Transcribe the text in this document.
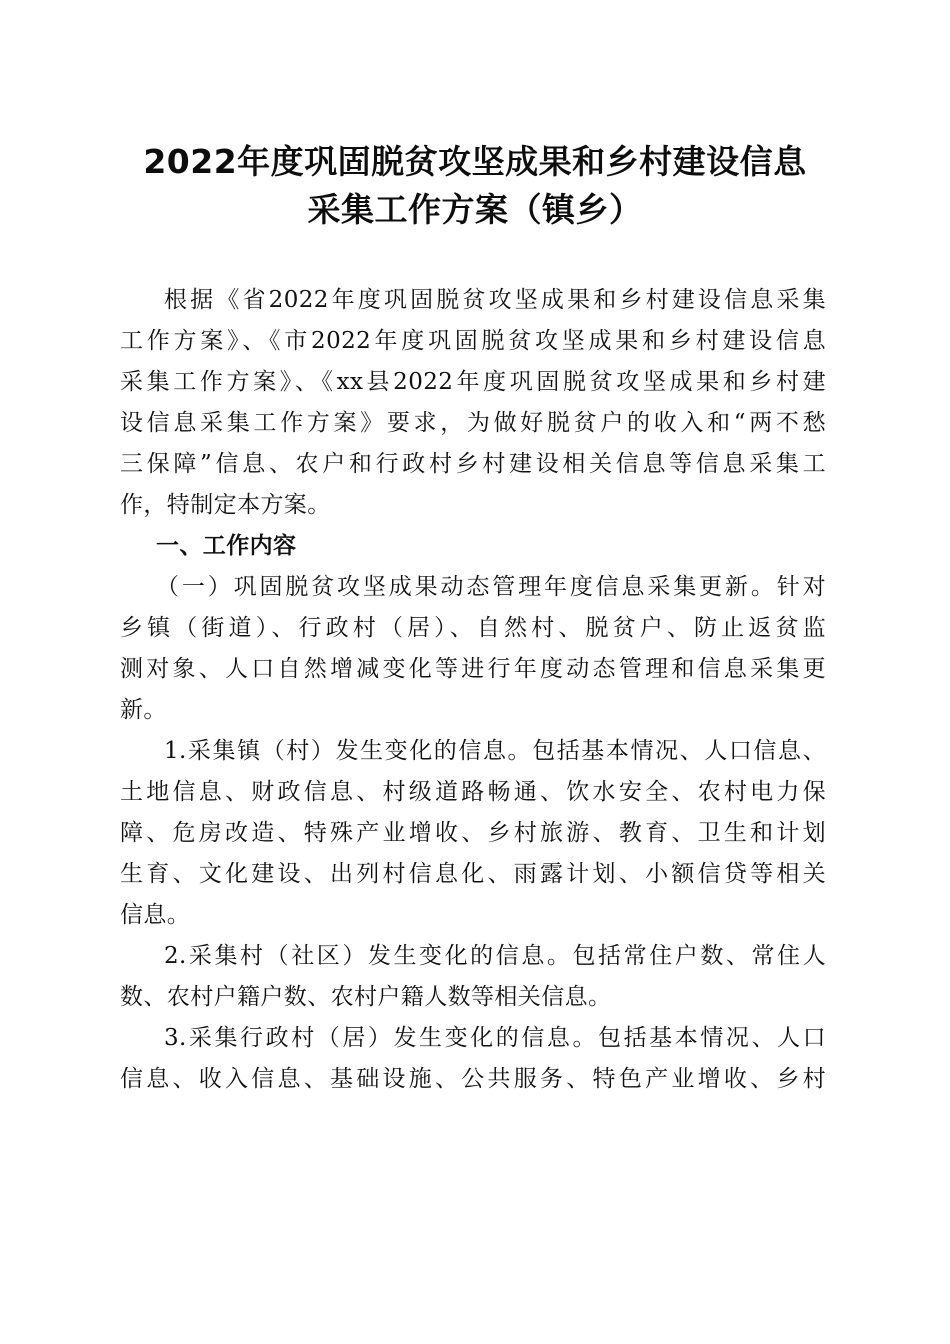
2022年度巩固脱贫攻坚成果和乡村建设信息
采集工作方案（镇乡）
根据《省2022年度巩固脱贫攻坚成果和乡村建设信息采集
工作方案》、《市2022年度巩固脱贫攻坚成果和乡村建设信息
采集工作方案》、《xx县2022年度巩固脱贫攻坚成果和乡村建
设信息采集工作方案》要求，为做好脱贫户的收入和“两不愁
三保障”信息、农户和行政村乡村建设相关信息等信息采集工
作，特制定本方案。
一、工作内容
（一）巩固脱贫攻坚成果动态管理年度信息采集更新。针对
乡镇（街道）、行政村（居）、自然村、脱贫户、防止返贫监
测对象、人口自然增减变化等进行年度动态管理和信息采集更
新。
1.采集镇（村）发生变化的信息。包括基本情况、人口信息、
土地信息、财政信息、村级道路畅通、饮水安全、农村电力保
障、危房改造、特殊产业增收、乡村旅游、教育、卫生和计划
生育、文化建设、出列村信息化、雨露计划、小额信贷等相关
信息。
2.采集村（社区）发生变化的信息。包括常住户数、常住人
数、农村户籍户数、农村户籍人数等相关信息。
3.采集行政村（居）发生变化的信息。包括基本情况、人口
信息、收入信息、基础设施、公共服务、特色产业增收、乡村
